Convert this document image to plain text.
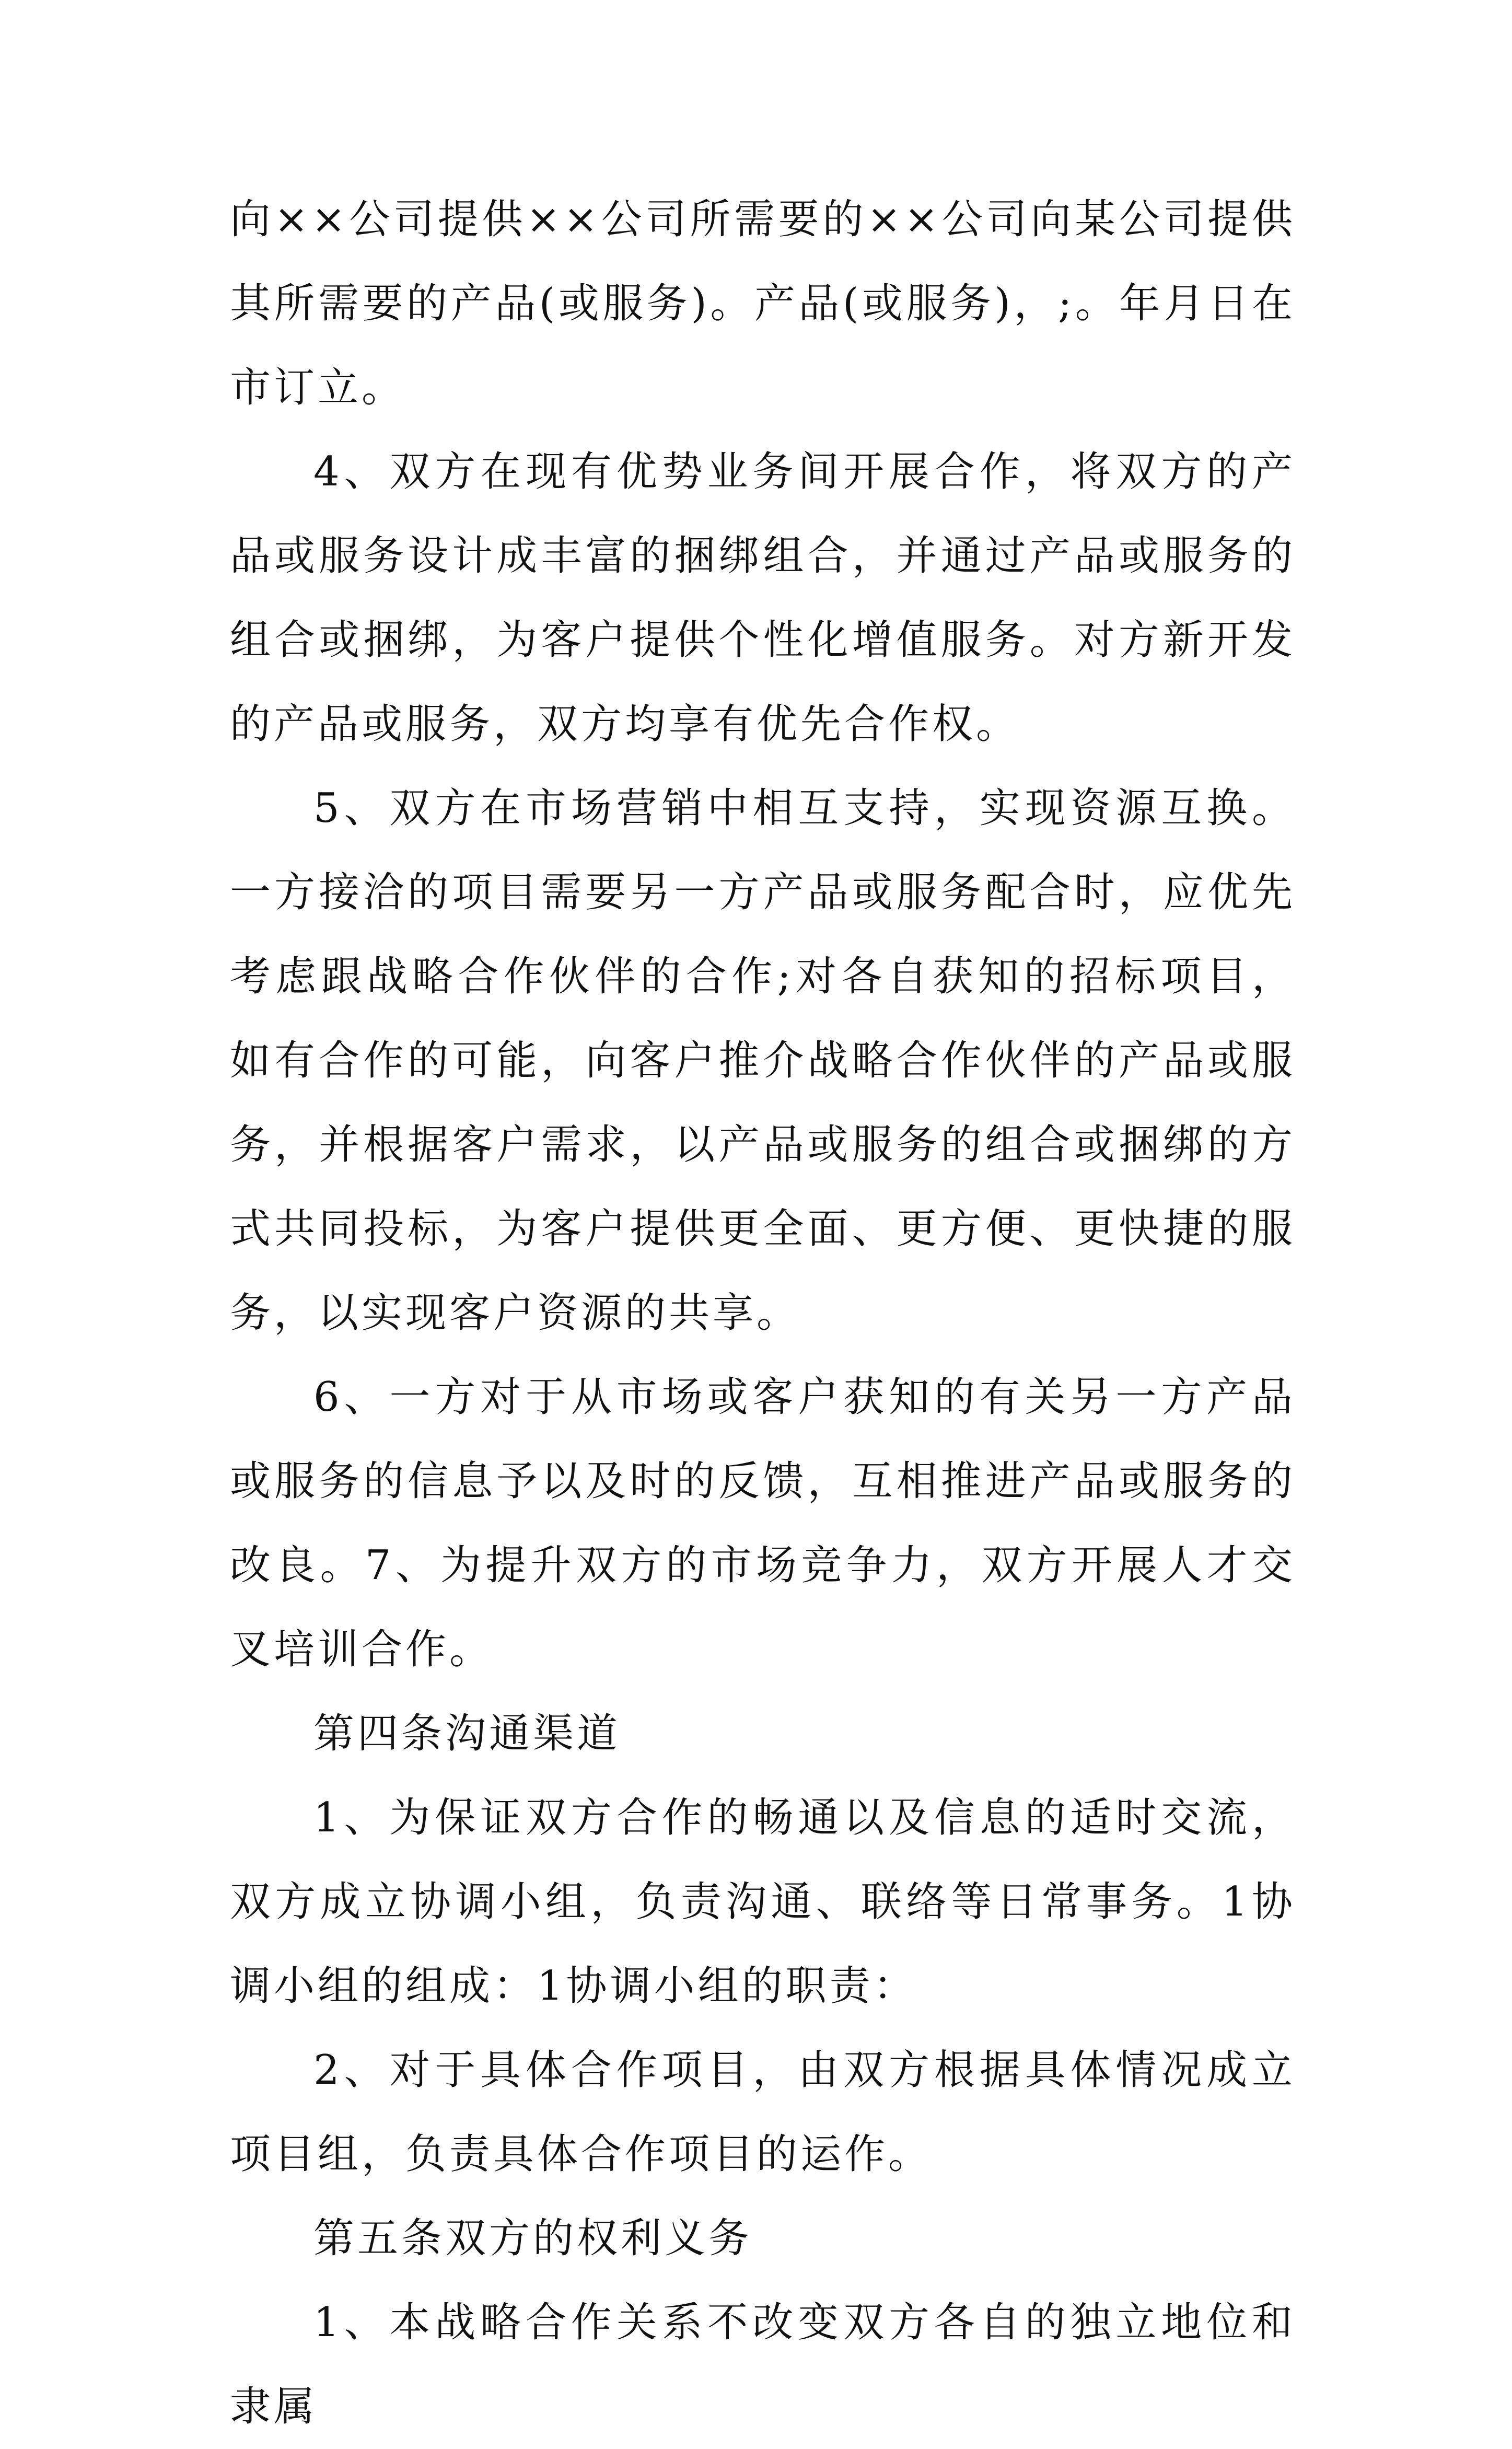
向××公司提供××公司所需要的××公司向某公司提供其所需要的产品(或服务)。产品(或服务)，;。年月日在市订立。

4、双方在现有优势业务间开展合作，将双方的产品或服务设计成丰富的捆绑组合，并通过产品或服务的组合或捆绑，为客户提供个性化增值服务。对方新开发的产品或服务，双方均享有优先合作权。

5、双方在市场营销中相互支持，实现资源互换。一方接洽的项目需要另一方产品或服务配合时，应优先考虑跟战略合作伙伴的合作;对各自获知的招标项目，如有合作的可能，向客户推介战略合作伙伴的产品或服务，并根据客户需求，以产品或服务的组合或捆绑的方式共同投标，为客户提供更全面、更方便、更快捷的服务，以实现客户资源的共享。

6、一方对于从市场或客户获知的有关另一方产品或服务的信息予以及时的反馈，互相推进产品或服务的改良。7、为提升双方的市场竞争力，双方开展人才交叉培训合作。

第四条沟通渠道

1、为保证双方合作的畅通以及信息的适时交流，双方成立协调小组，负责沟通、联络等日常事务。1协调小组的组成：1协调小组的职责：

2、对于具体合作项目，由双方根据具体情况成立项目组，负责具体合作项目的运作。

第五条双方的权利义务

1、本战略合作关系不改变双方各自的独立地位和隶属
